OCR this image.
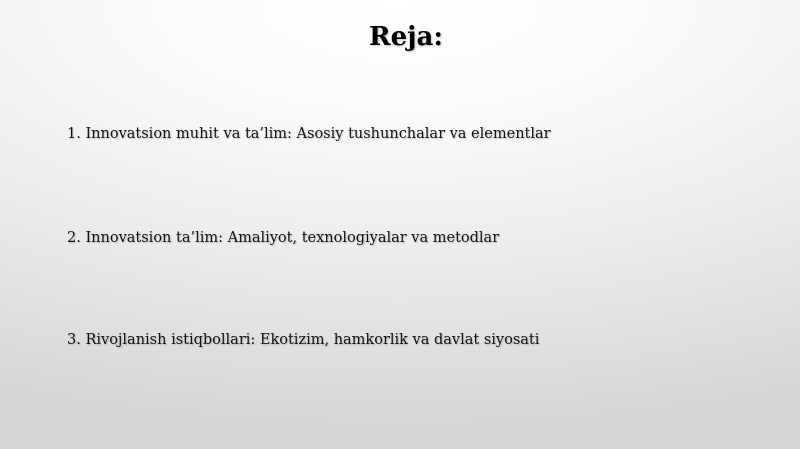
Reja:
1. Innovatsion muhit va ta’lim: Asosiy tushunchalar va elementlar
2. Innovatsion ta’lim: Amaliyot, texnologiyalar va metodlar
3. Rivojlanish istiqbollari: Ekotizim, hamkorlik va davlat siyosati
